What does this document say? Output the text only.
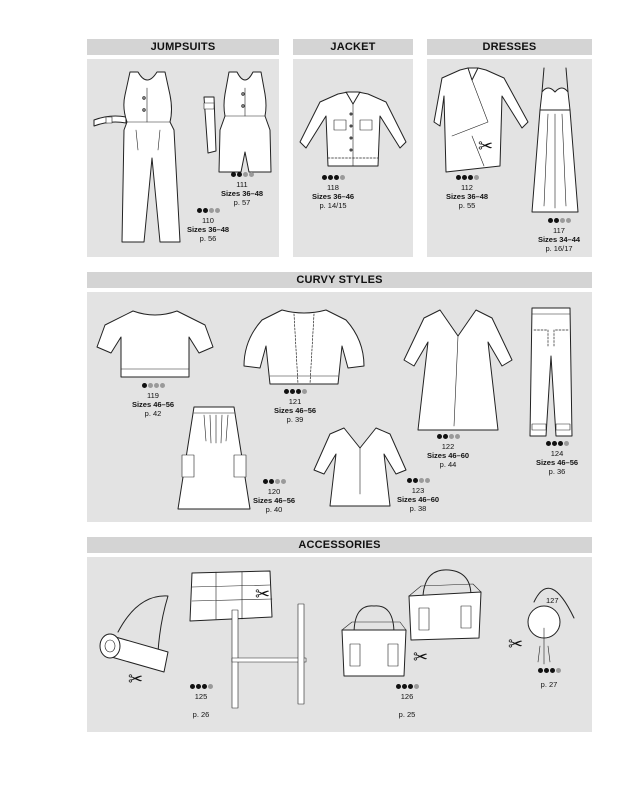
JUMPSUITS	JACKET	DRESSES
CURVY STYLES
ACCESSORIES
111
Sizes 36–48
p. 57
110
Sizes 36–48
p. 56
118
Sizes 36–46
p. 14/15
✂
112
Sizes 36–48
p. 55
117
Sizes 34–44
p. 16/17
119
Sizes 46–56
p. 42
121
Sizes 46–56
p. 39
122
Sizes 46–60
p. 44
124
Sizes 46–56
p. 36
120
Sizes 46–56
p. 40
123
Sizes 46–60
p. 38
✂
✂
125
p. 26
✂
126
p. 25
✂
p. 27
127
